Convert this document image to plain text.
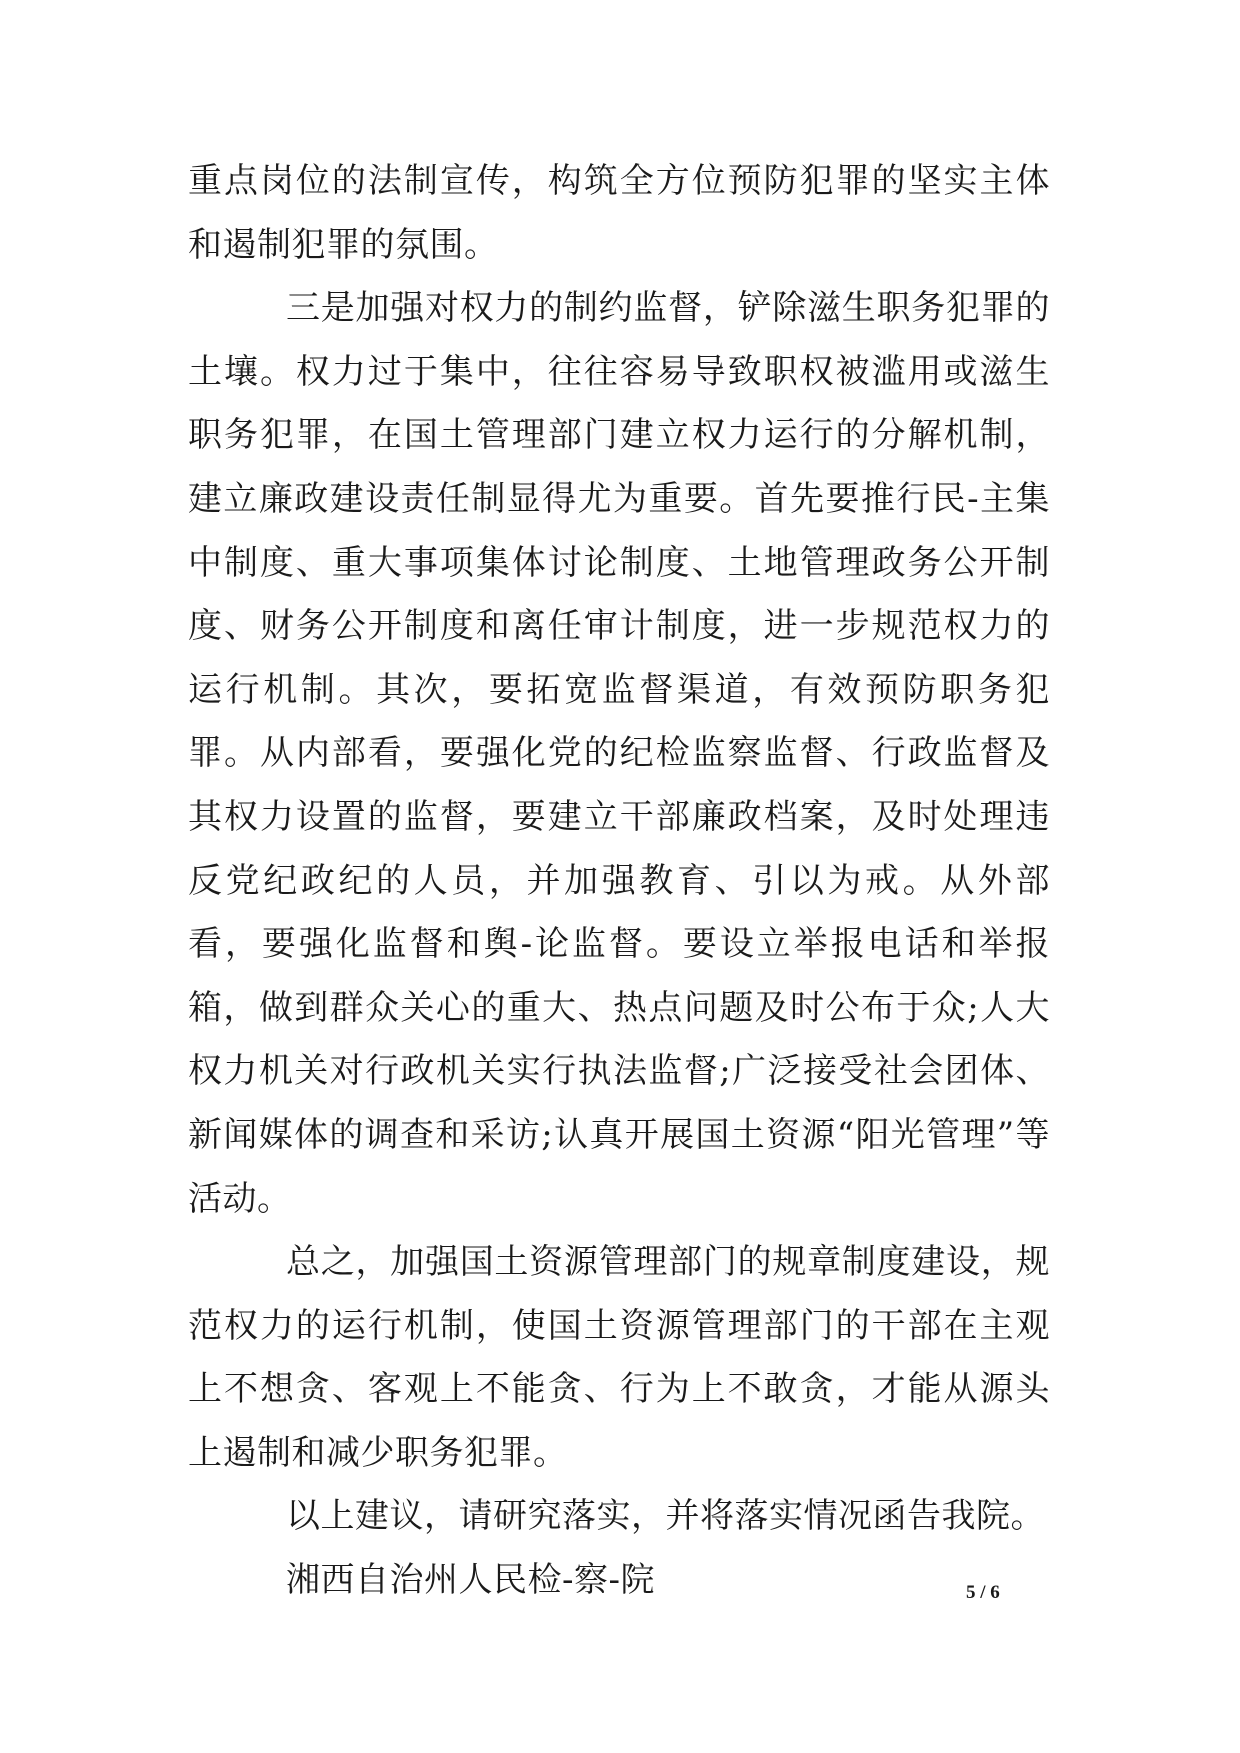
重点岗位的法制宣传，构筑全方位预防犯罪的坚实主体和遏制犯罪的氛围。

三是加强对权力的制约监督，铲除滋生职务犯罪的土壤。权力过于集中，往往容易导致职权被滥用或滋生职务犯罪，在国土管理部门建立权力运行的分解机制，建立廉政建设责任制显得尤为重要。首先要推行民-主集中制度、重大事项集体讨论制度、土地管理政务公开制度、财务公开制度和离任审计制度，进一步规范权力的运行机制。其次，要拓宽监督渠道，有效预防职务犯罪。从内部看，要强化党的纪检监察监督、行政监督及其权力设置的监督，要建立干部廉政档案，及时处理违反党纪政纪的人员，并加强教育、引以为戒。从外部看，要强化监督和舆-论监督。要设立举报电话和举报箱，做到群众关心的重大、热点问题及时公布于众;人大权力机关对行政机关实行执法监督;广泛接受社会团体、新闻媒体的调查和采访;认真开展国土资源“阳光管理”等活动。

总之，加强国土资源管理部门的规章制度建设，规范权力的运行机制，使国土资源管理部门的干部在主观上不想贪、客观上不能贪、行为上不敢贪，才能从源头上遏制和减少职务犯罪。

以上建议，请研究落实，并将落实情况函告我院。

湘西自治州人民检-察-院	5 / 6
